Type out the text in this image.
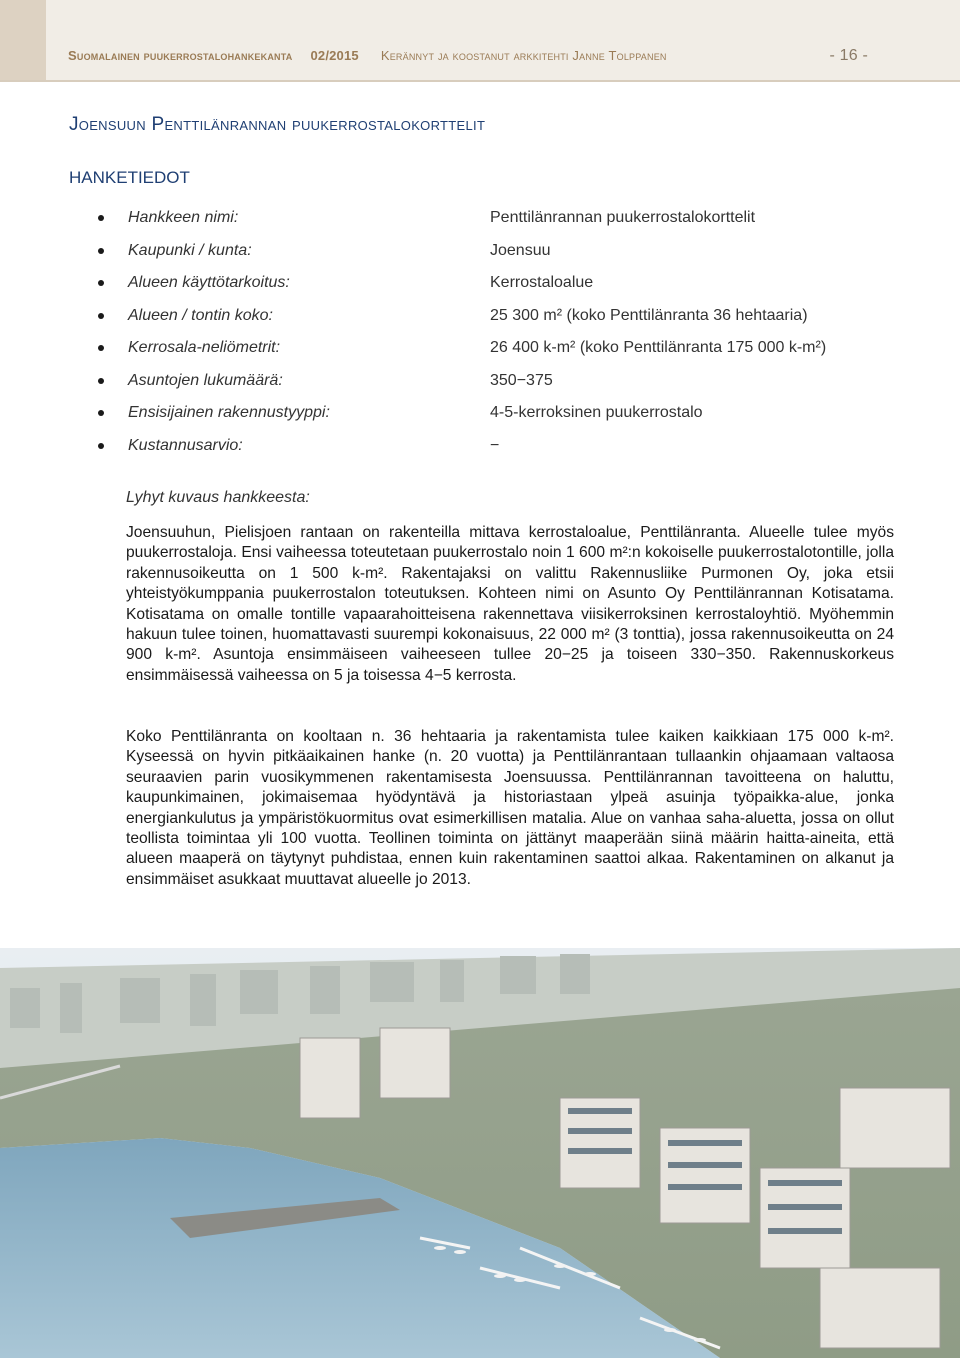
Suomalainen puukerrostalohankekanta 02/2015 Kerännyt ja koostanut arkkitehti Janne Tolppanen	- 16 -
Joensuun Penttilänrannan puukerrostalokorttelit
HANKETIEDOT
Hankkeen nimi:	Penttilänrannan puukerrostalokorttelit
Kaupunki / kunta:	Joensuu
Alueen käyttötarkoitus:	Kerrostaloalue
Alueen / tontin koko:	25 300 m² (koko Penttilänranta 36 hehtaaria)
Kerrosala-neliömetrit:	26 400 k-m² (koko Penttilänranta 175 000 k-m²)
Asuntojen lukumäärä:	350−375
Ensisijainen rakennustyyppi:	4-5-kerroksinen puukerrostalo
Kustannusarvio:	−
Lyhyt kuvaus hankkeesta:

Joensuuhun, Pielisjoen rantaan on rakenteilla mittava kerrostaloalue, Penttilänranta. Alueelle tulee myös puukerrostaloja. Ensi vaiheessa toteutetaan puukerrostalo noin 1 600 m²:n kokoiselle puukerrostalotontille, jolla rakennusoikeutta on 1 500 k-m². Rakentajaksi on valittu Rakennusliike Purmonen Oy, joka etsii yhteistyökumppania puukerrostalon toteutuksen. Kohteen nimi on Asunto Oy Penttilänrannan Kotisatama. Kotisatama on omalle tontille vapaarahoitteisena rakennettava viisikerroksinen kerrostaloyhtiö. Myöhemmin hakuun tulee toinen, huomattavasti suurempi kokonaisuus, 22 000 m² (3 tonttia), jossa rakennusoikeutta on 24 900 k-m². Asuntoja ensimmäiseen vaiheeseen tullee 20−25 ja toiseen 330−350. Rakennuskorkeus ensimmäisessä vaiheessa on 5 ja toisessa 4−5 kerrosta.

Koko Penttilänranta on kooltaan n. 36 hehtaaria ja rakentamista tulee kaiken kaikkiaan 175 000 k-m². Kyseessä on hyvin pitkäaikainen hanke (n. 20 vuotta) ja Penttilänrantaan tullaankin ohjaamaan valtaosa seuraavien parin vuosikymmenen rakentamisesta Joensuussa. Penttilänrannan tavoitteena on haluttu, kaupunkimainen, jokimaisemaa hyödyntävä ja historiastaan ylpeä asuinja työpaikka-alue, jonka energiankulutus ja ympäristökuormitus ovat esimerkillisen matalia. Alue on vanhaa saha-aluetta, jossa on ollut teollista toimintaa yli 100 vuotta. Teollinen toiminta on jättänyt maaperään siinä määrin haitta-aineita, että alueen maaperä on täytynyt puhdistaa, ennen kuin rakentaminen saattoi alkaa. Rakentaminen on alkanut ja ensimmäiset asukkaat muuttavat alueelle jo 2013.
